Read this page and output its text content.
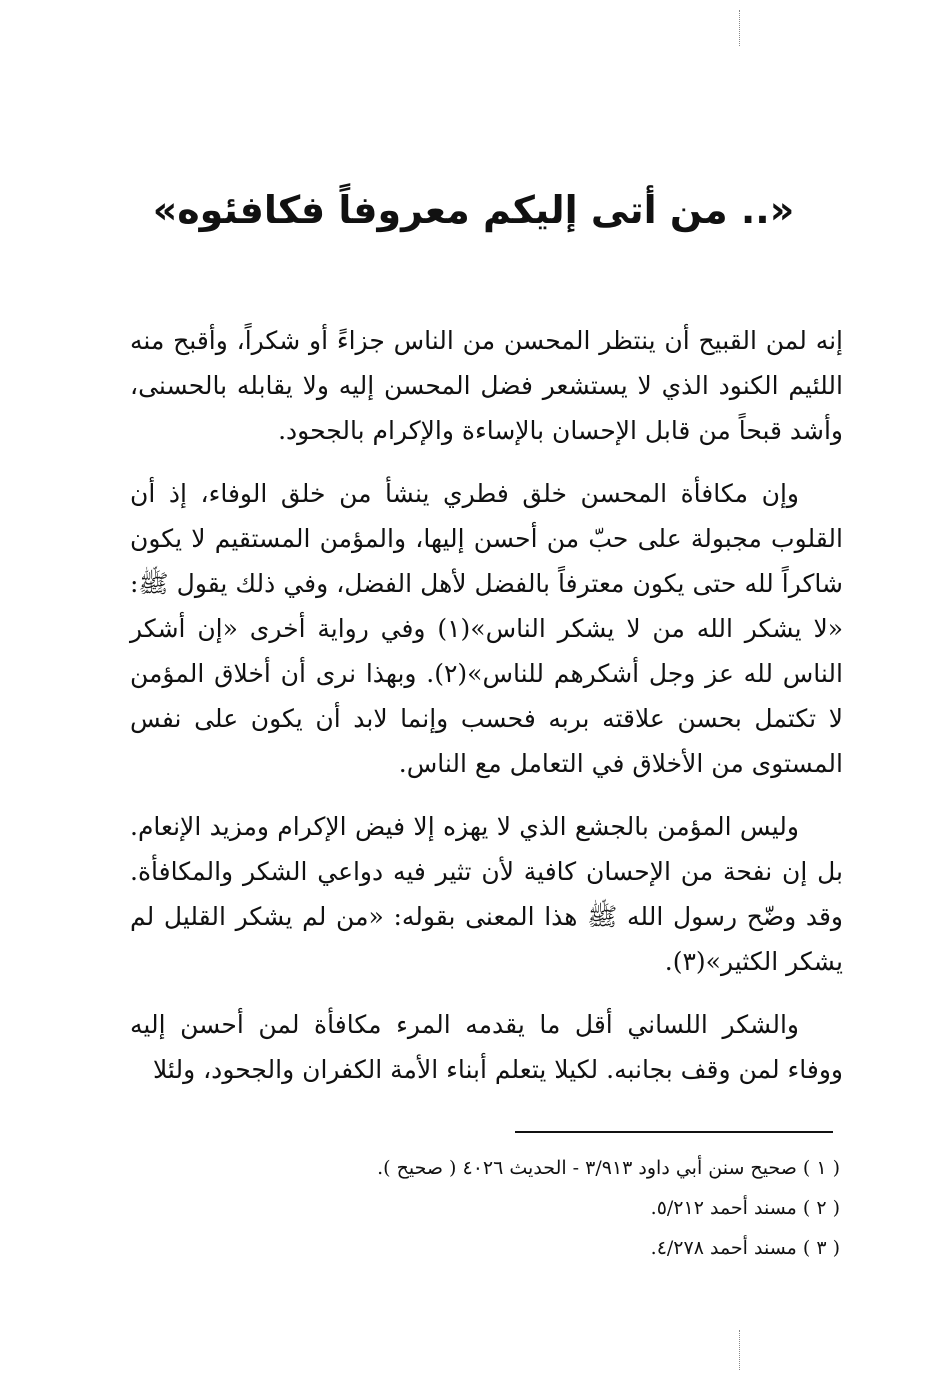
«.. من أتى إليكم معروفاً فكافئوه»

إنه لمن القبيح أن ينتظر المحسن من الناس جزاءً أو شكراً، وأقبح منه اللئيم الكنود الذي لا يستشعر فضل المحسن إليه ولا يقابله بالحسنى، وأشد قبحاً من قابل الإحسان بالإساءة والإكرام بالجحود.

وإن مكافأة المحسن خلق فطري ينشأ من خلق الوفاء، إذ أن القلوب مجبولة على حبّ من أحسن إليها، والمؤمن المستقيم لا يكون شاكراً لله حتى يكون معترفاً بالفضل لأهل الفضل، وفي ذلك يقول ﷺ: «لا يشكر الله من لا يشكر الناس»(١) وفي رواية أخرى «إن أشكر الناس لله عز وجل أشكرهم للناس»(٢). وبهذا نرى أن أخلاق المؤمن لا تكتمل بحسن علاقته بربه فحسب وإنما لابد أن يكون على نفس المستوى من الأخلاق في التعامل مع الناس.

وليس المؤمن بالجشع الذي لا يهزه إلا فيض الإكرام ومزيد الإنعام. بل إن نفحة من الإحسان كافية لأن تثير فيه دواعي الشكر والمكافأة. وقد وضّح رسول الله ﷺ هذا المعنى بقوله: «من لم يشكر القليل لم يشكر الكثير»(٣).

والشكر اللساني أقل ما يقدمه المرء مكافأة لمن أحسن إليه ووفاء لمن وقف بجانبه. لكيلا يتعلم أبناء الأمة الكفران والجحود، ولئلا

( ١ ) صحيح سنن أبي داود ٣/٩١٣ - الحديث ٤٠٢٦ ( صحيح ).
( ٢ ) مسند أحمد ٥/٢١٢.
( ٣ ) مسند أحمد ٤/٢٧٨.
